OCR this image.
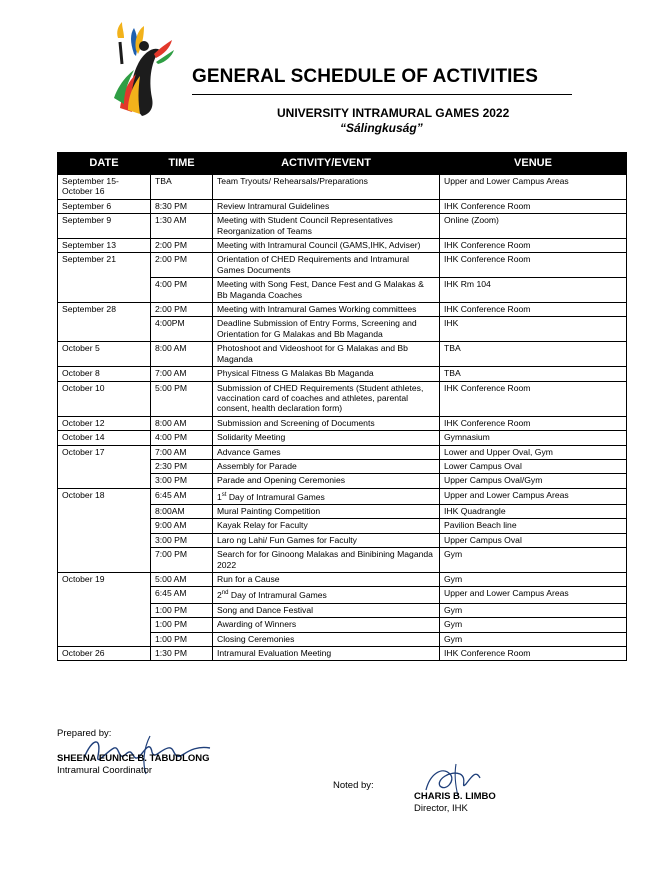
GENERAL SCHEDULE OF ACTIVITIES
UNIVERSITY INTRAMURAL GAMES 2022
“Sálingkuság”
DATE	TIME	ACTIVITY/EVENT	VENUE
September 15-October 16	TBA	Team Tryouts/ Rehearsals/Preparations	Upper and Lower Campus Areas
September 6	8:30 PM	Review Intramural Guidelines	IHK Conference Room
September 9	1:30 AM	Meeting with Student Council Representatives Reorganization of Teams	Online (Zoom)
September 13	2:00 PM	Meeting with Intramural Council (GAMS,IHK, Adviser)	IHK Conference Room
September 21	2:00 PM	Orientation of CHED Requirements and Intramural Games Documents	IHK Conference Room
	4:00 PM	Meeting with Song Fest, Dance Fest and G Malakas & Bb Maganda Coaches	IHK Rm 104
September 28	2:00 PM	Meeting with Intramural Games Working committees	IHK Conference Room
	4:00PM	Deadline Submission of Entry Forms, Screening and Orientation for G Malakas and Bb Maganda	IHK
October 5	8:00 AM	Photoshoot and Videoshoot for G Malakas and Bb Maganda	TBA
October 8	7:00 AM	Physical Fitness G Malakas Bb Maganda	TBA
October 10	5:00 PM	Submission of CHED Requirements (Student athletes, vaccination card of coaches and athletes, parental consent, health declaration form)	IHK Conference Room
October 12	8:00 AM	Submission and Screening of Documents	IHK Conference Room
October 14	4:00 PM	Solidarity Meeting	Gymnasium
October 17	7:00 AM	Advance Games	Lower and Upper Oval, Gym
	2:30 PM	Assembly for Parade	Lower Campus Oval
	3:00 PM	Parade and Opening Ceremonies	Upper Campus Oval/Gym
October 18	6:45 AM	1st Day of Intramural Games	Upper and Lower Campus Areas
	8:00AM	Mural Painting Competition	IHK Quadrangle
	9:00 AM	Kayak Relay for Faculty	Pavilion Beach line
	3:00 PM	Laro ng Lahi/ Fun Games for Faculty	Upper Campus Oval
	7:00 PM	Search for for Ginoong Malakas and Binibining Maganda 2022	Gym
October 19	5:00 AM	Run for a Cause	Gym
	6:45 AM	2nd Day of Intramural Games	Upper and Lower Campus Areas
	1:00 PM	Song and Dance Festival	Gym
	1:00 PM	Awarding of Winners	Gym
	1:00 PM	Closing Ceremonies	Gym
October 26	1:30 PM	Intramural Evaluation Meeting	IHK Conference Room
Prepared by:
SHEENA EUNICE B. TABUDLONG
Intramural Coordinator
Noted by:
CHARIS B. LIMBO
Director, IHK
